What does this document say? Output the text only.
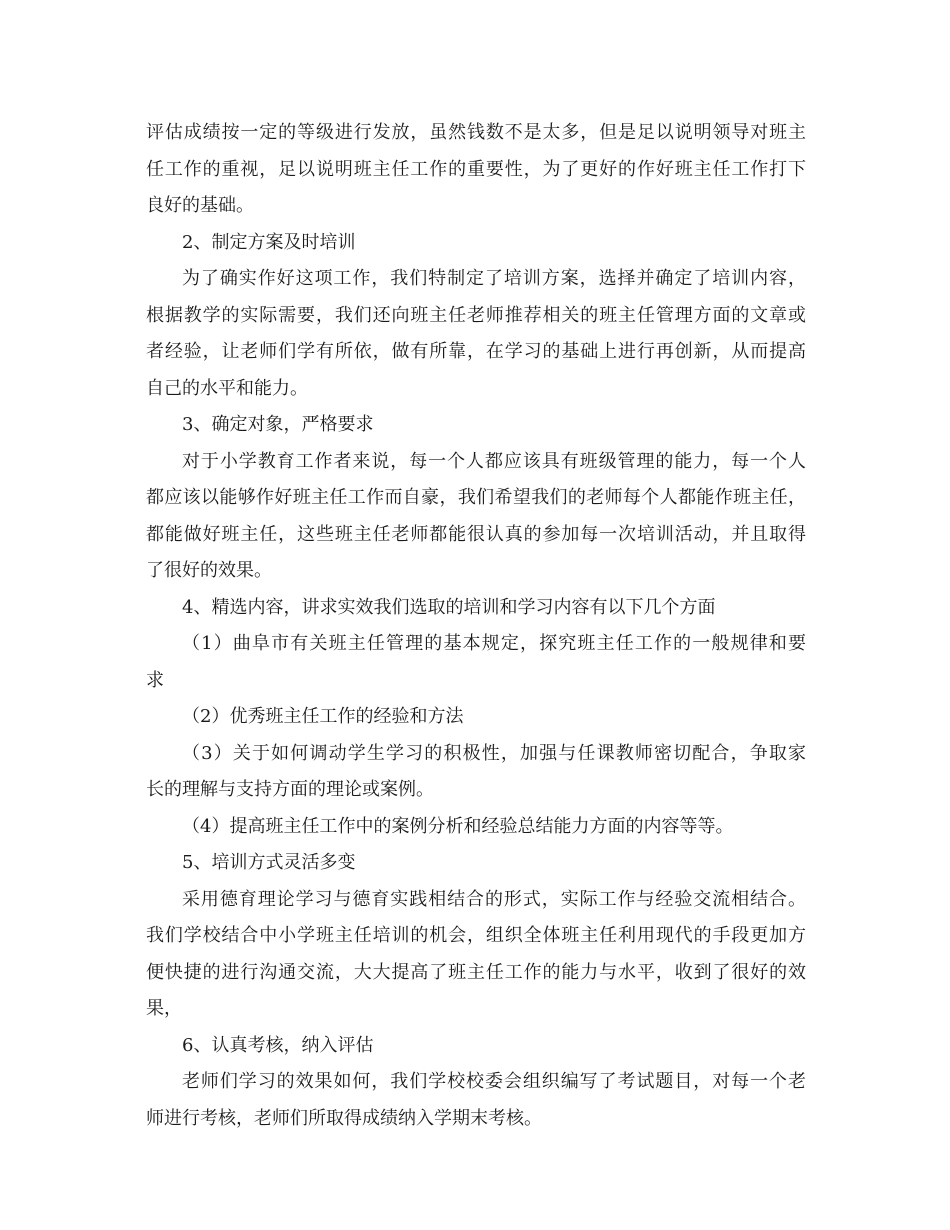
评估成绩按一定的等级进行发放，虽然钱数不是太多，但是足以说明领导对班主
任工作的重视，足以说明班主任工作的重要性，为了更好的作好班主任工作打下
良好的基础。
2、制定方案及时培训
为了确实作好这项工作，我们特制定了培训方案，选择并确定了培训内容，
根据教学的实际需要，我们还向班主任老师推荐相关的班主任管理方面的文章或
者经验，让老师们学有所依，做有所靠，在学习的基础上进行再创新，从而提高
自己的水平和能力。
3、确定对象，严格要求
对于小学教育工作者来说，每一个人都应该具有班级管理的能力，每一个人
都应该以能够作好班主任工作而自豪，我们希望我们的老师每个人都能作班主任，
都能做好班主任，这些班主任老师都能很认真的参加每一次培训活动，并且取得
了很好的效果。
4、精选内容，讲求实效我们选取的培训和学习内容有以下几个方面
（1）曲阜市有关班主任管理的基本规定，探究班主任工作的一般规律和要
求
（2）优秀班主任工作的经验和方法
（3）关于如何调动学生学习的积极性，加强与任课教师密切配合，争取家
长的理解与支持方面的理论或案例。
（4）提高班主任工作中的案例分析和经验总结能力方面的内容等等。
5、培训方式灵活多变
采用德育理论学习与德育实践相结合的形式，实际工作与经验交流相结合。
我们学校结合中小学班主任培训的机会，组织全体班主任利用现代的手段更加方
便快捷的进行沟通交流，大大提高了班主任工作的能力与水平，收到了很好的效
果，
6、认真考核，纳入评估
老师们学习的效果如何，我们学校校委会组织编写了考试题目，对每一个老
师进行考核，老师们所取得成绩纳入学期末考核。
